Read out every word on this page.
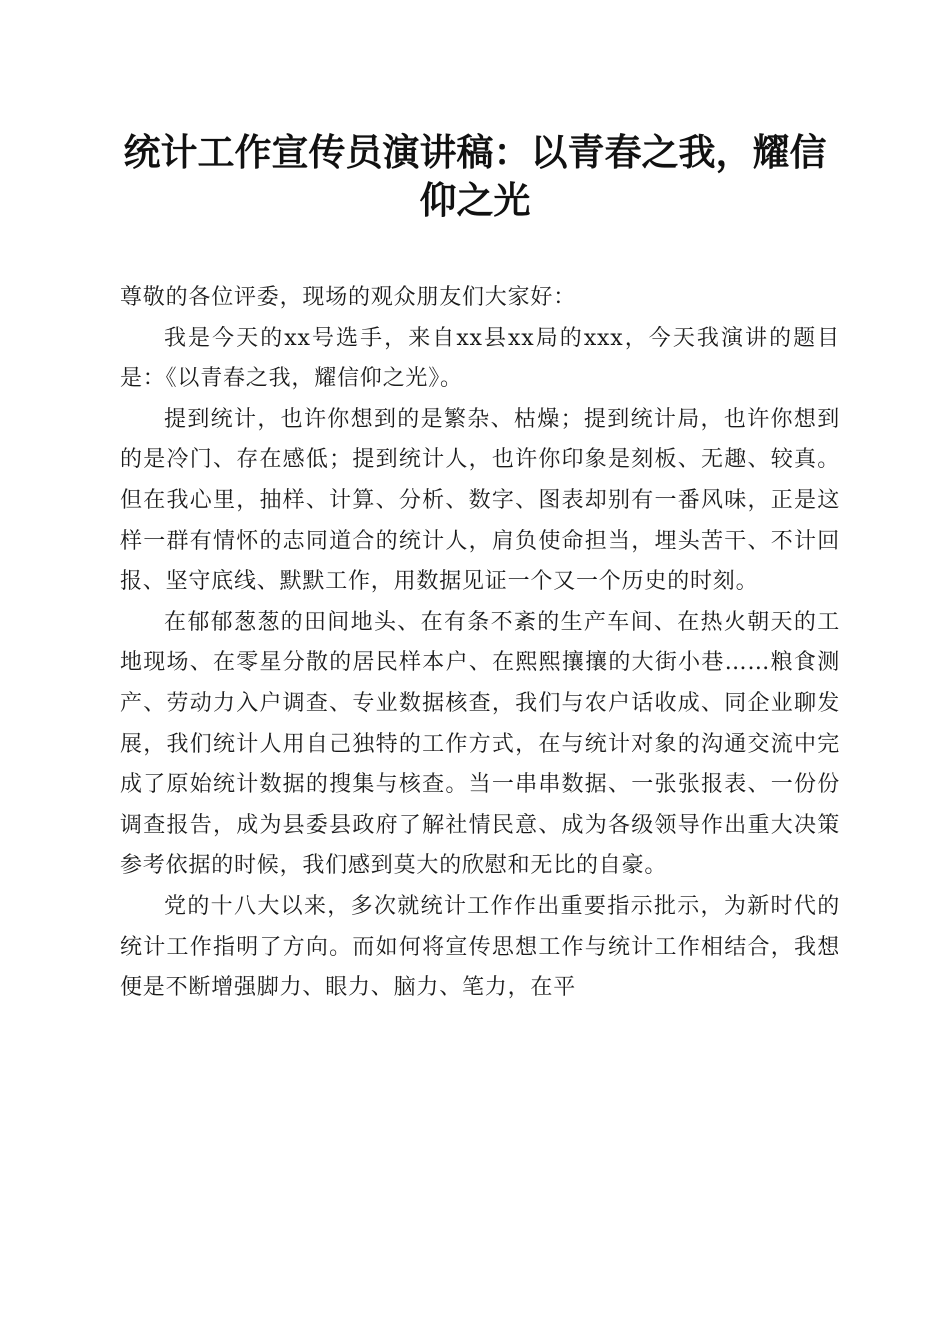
统计工作宣传员演讲稿：以青春之我，耀信仰之光

尊敬的各位评委，现场的观众朋友们大家好：

我是今天的xx号选手，来自xx县xx局的xxx，今天我演讲的题目是：《以青春之我，耀信仰之光》。

提到统计，也许你想到的是繁杂、枯燥；提到统计局，也许你想到的是冷门、存在感低；提到统计人，也许你印象是刻板、无趣、较真。但在我心里，抽样、计算、分析、数字、图表却别有一番风味，正是这样一群有情怀的志同道合的统计人，肩负使命担当，埋头苦干、不计回报、坚守底线、默默工作，用数据见证一个又一个历史的时刻。

在郁郁葱葱的田间地头、在有条不紊的生产车间、在热火朝天的工地现场、在零星分散的居民样本户、在熙熙攘攘的大街小巷……粮食测产、劳动力入户调查、专业数据核查，我们与农户话收成、同企业聊发展，我们统计人用自己独特的工作方式，在与统计对象的沟通交流中完成了原始统计数据的搜集与核查。当一串串数据、一张张报表、一份份调查报告，成为县委县政府了解社情民意、成为各级领导作出重大决策参考依据的时候，我们感到莫大的欣慰和无比的自豪。

党的十八大以来，多次就统计工作作出重要指示批示，为新时代的统计工作指明了方向。而如何将宣传思想工作与统计工作相结合，我想便是不断增强脚力、眼力、脑力、笔力，在平
